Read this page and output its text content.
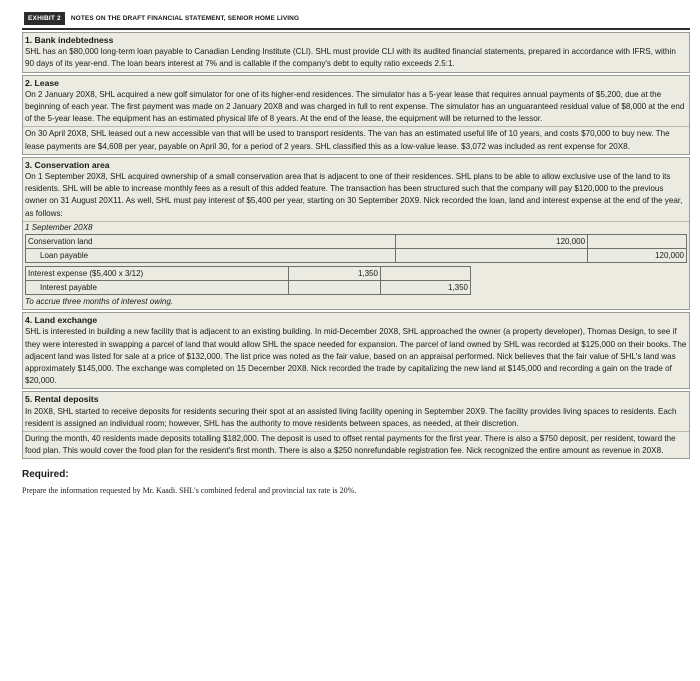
EXHIBIT 2	NOTES ON THE DRAFT FINANCIAL STATEMENT, SENIOR HOME LIVING
1. Bank indebtedness
SHL has an $80,000 long-term loan payable to Canadian Lending Institute (CLI). SHL must provide CLI with its audited financial statements, prepared in accordance with IFRS, within 90 days of its year-end. The loan bears interest at 7% and is callable if the company's debt to equity ratio exceeds 2.5:1.
2. Lease
On 2 January 20X8, SHL acquired a new golf simulator for one of its higher-end residences. The simulator has a 5-year lease that requires annual payments of $5,200, due at the beginning of each year. The first payment was made on 2 January 20X8 and was charged in full to rent expense. The simulator has an unguaranteed residual value of $8,000 at the end of the 5-year lease. The equipment has an estimated physical life of 8 years. At the end of the lease, the equipment will be returned to the lessor.
On 30 April 20X8, SHL leased out a new accessible van that will be used to transport residents. The van has an estimated useful life of 10 years, and costs $70,000 to buy new. The lease payments are $4,608 per year, payable on April 30, for a period of 2 years. SHL classified this as a low-value lease. $3,072 was included as rent expense for 20X8.
3. Conservation area
On 1 September 20X8, SHL acquired ownership of a small conservation area that is adjacent to one of their residences. SHL plans to be able to allow exclusive use of the land to its residents. SHL will be able to increase monthly fees as a result of this added feature. The transaction has been structured such that the company will pay $120,000 to the previous owner on 31 August 20X11. As well, SHL must pay interest of $5,400 per year, starting on 30 September 20X9. Nick recorded the loan, land and interest expense at the end of the year, as follows:
1 September 20X8
Conservation land	120,000	
Loan payable		120,000
Interest expense ($5,400 x 3/12)	1,350	
Interest payable		1,350
To accrue three months of interest owing.
4. Land exchange
SHL is interested in building a new facility that is adjacent to an existing building. In mid-December 20X8, SHL approached the owner (a property developer), Thomas Design, to see if they were interested in swapping a parcel of land that would allow SHL the space needed for expansion. The parcel of land owned by SHL was recorded at $125,000 on their books. The adjacent land was listed for sale at a price of $132,000. The list price was noted as the fair value, based on an appraisal performed. Nick believes that the fair value of SHL's land was approximately $145,000. The exchange was completed on 15 December 20X8. Nick recorded the trade by capitalizing the new land at $145,000 and recording a gain on the trade of $20,000.
5. Rental deposits
In 20X8, SHL started to receive deposits for residents securing their spot at an assisted living facility opening in September 20X9. The facility provides living spaces to residents. Each resident is assigned an individual room; however, SHL has the authority to move residents between spaces, as needed, at their discretion.
During the month, 40 residents made deposits totalling $182,000. The deposit is used to offset rental payments for the first year. There is also a $750 deposit, per resident, toward the food plan. This would cover the food plan for the resident's first month. There is also a $250 nonrefundable registration fee. Nick recognized the entire amount as revenue in 20X8.
Required:
Prepare the information requested by Mr. Kaadi. SHL's combined federal and provincial tax rate is 20%.
